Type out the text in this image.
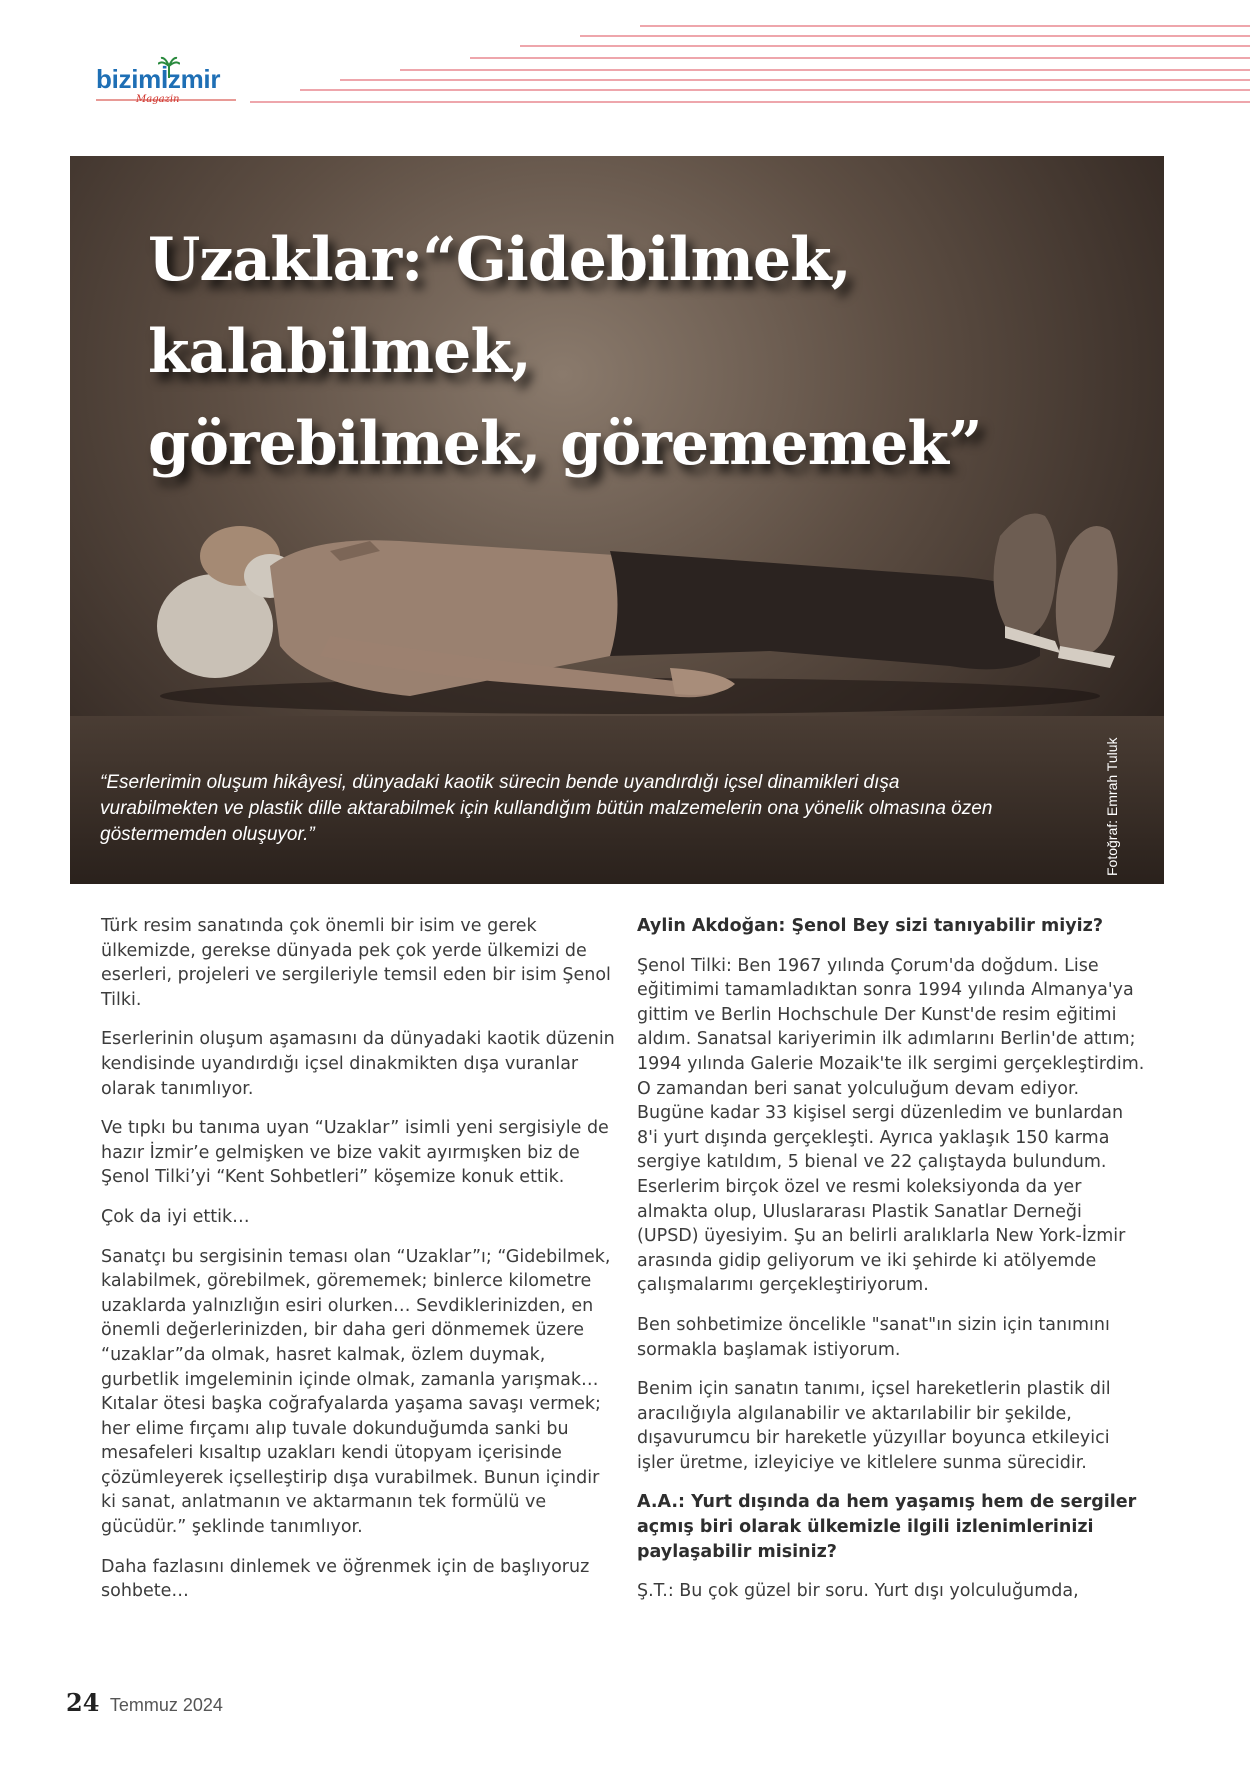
bizimİzmir
Magazin
Uzaklar:“Gidebilmek, kalabilmek,
görebilmek, görememek”

“Eserlerimin oluşum hikâyesi, dünyadaki kaotik sürecin bende uyandırdığı içsel dinamikleri dışa vurabilmekten ve plastik dille aktarabilmek için kullandığım bütün malzemelerin ona yönelik olmasına özen göstermemden oluşuyor.”	Fotoğraf: Emrah Tuluk

Türk resim sanatında çok önemli bir isim ve gerek ülkemizde, gerekse dünyada pek çok yerde ülkemizi de eserleri, projeleri ve sergileriyle temsil eden bir isim Şenol Tilki.

Eserlerinin oluşum aşamasını da dünyadaki kaotik düzenin kendisinde uyandırdığı içsel dinakmikten dışa vuranlar olarak tanımlıyor.

Ve tıpkı bu tanıma uyan “Uzaklar” isimli yeni sergisiyle de hazır İzmir’e gelmişken ve bize vakit ayırmışken biz de Şenol Tilki’yi “Kent Sohbetleri” köşemize konuk ettik.

Çok da iyi ettik…

Sanatçı bu sergisinin teması olan “Uzaklar”ı; “Gidebilmek, kalabilmek, görebilmek, görememek; binlerce kilometre uzaklarda yalnızlığın esiri olurken… Sevdiklerinizden, en önemli değerlerinizden, bir daha geri dönmemek üzere “uzaklar”da olmak, hasret kalmak, özlem duymak, gurbetlik imgeleminin içinde olmak, zamanla yarışmak… Kıtalar ötesi başka coğrafyalarda yaşama savaşı vermek; her elime fırçamı alıp tuvale dokunduğumda sanki bu mesafeleri kısaltıp uzakları kendi ütopyam içerisinde çözümleyerek içselleştirip dışa vurabilmek. Bunun içindir ki sanat, anlatmanın ve aktarmanın tek formülü ve gücüdür.” şeklinde tanımlıyor.

Daha fazlasını dinlemek ve öğrenmek için de başlıyoruz sohbete…

Aylin Akdoğan: Şenol Bey sizi tanıyabilir miyiz?

Şenol Tilki: Ben 1967 yılında Çorum'da doğdum. Lise eğitimimi tamamladıktan sonra 1994 yılında Almanya'ya gittim ve Berlin Hochschule Der Kunst'de resim eğitimi aldım. Sanatsal kariyerimin ilk adımlarını Berlin'de attım; 1994 yılında Galerie Mozaik'te ilk sergimi gerçekleştirdim. O zamandan beri sanat yolculuğum devam ediyor. Bugüne kadar 33 kişisel sergi düzenledim ve bunlardan 8'i yurt dışında gerçekleşti. Ayrıca yaklaşık 150 karma sergiye katıldım, 5 bienal ve 22 çalıştayda bulundum. Eserlerim birçok özel ve resmi koleksiyonda da yer almakta olup, Uluslararası Plastik Sanatlar Derneği (UPSD) üyesiyim. Şu an belirli aralıklarla New York-İzmir arasında gidip geliyorum ve iki şehirde ki atölyemde çalışmalarımı gerçekleştiriyorum.

Ben sohbetimize öncelikle "sanat"ın sizin için tanımını sormakla başlamak istiyorum.

Benim için sanatın tanımı, içsel hareketlerin plastik dil aracılığıyla algılanabilir ve aktarılabilir bir şekilde, dışavurumcu bir hareketle yüzyıllar boyunca etkileyici işler üretme, izleyiciye ve kitlelere sunma sürecidir.

A.A.: Yurt dışında da hem yaşamış hem de sergiler açmış biri olarak ülkemizle ilgili izlenimlerinizi paylaşabilir misiniz?

Ş.T.: Bu çok güzel bir soru. Yurt dışı yolculuğumda,

24 Temmuz 2024
